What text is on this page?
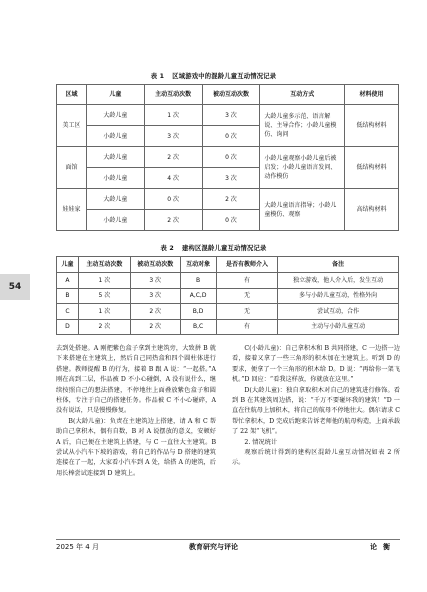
54
表 1 区域游戏中的混龄儿童互动情况记录
区域	儿童	主动互动次数	被动互动次数	互动方式	材料使用
美工区	大龄儿童	1 次	3 次	大龄儿童多示范、语言解说、主导合作；小龄儿童模仿、询问	低结构材料
	小龄儿童	3 次	0 次		
面馆	大龄儿童	2 次	0 次	小龄儿童观察小龄儿童后被启发；小龄儿童语言发问、动作模仿	低结构材料
	小龄儿童	4 次	3 次		
娃娃家	大龄儿童	0 次	2 次	大龄儿童语言指导；小龄儿童模仿、观察	高结构材料
	小龄儿童	2 次	0 次		
表 2 建构区混龄儿童互动情况记录
儿童	主动互动次数	被动互动次数	互动对象	是否有教师介入	备注
A	1 次	3 次	B	有	独立游戏，他人介入后，发生互动
B	5 次	3 次	A,C,D	无	多与小龄儿童互动，性格外向
C	1 次	2 次	B,D	无	尝试互动，合作
D	2 次	2 次	B,C	有	主动与小龄儿童互动

去到处搭建。A 刚把紫色盒子拿到主建筑旁，大致拼 B 就下来搭建在主建筑上，然后自己同热盒和四个圆柱体进行搭建。教师提醒 B 的行为，接着 B 跟 A 说：“一起搭。”A 刚在高到二层，作品被 D 不小心碰倒，A 没有说什么，继续按照自己的想法搭建，不停地往上面叠放紫色盒子和圆柱体，专注于自己的搭建任务。作品被 C 不小心碰碎，A 没有说话，只是慢慢修复。

B(大龄儿童)：负责在主建筑边上搭建，请 A 和 C 帮助自己拿积木，偶有自数，B 对 A 说摆放的意义，安顿好 A 后，自己便在主建筑上搭建，与 C 一直往大主建筑。B 尝试从小汽车下坡的游戏，将自己的作品与 D 搭建的建筑连接在了一起，大家看小汽车到 A 处，给搭 A 的建筑，后用长棒尝试连接到 D 建筑上。

C(小龄儿童)：自己拿积木和 B 共同搭建，C 一边搭一边看，接着又拿了一些三角形的积木加在主建筑上。听到 D 的要求，便拿了一个三角形的积木给 D。D 说：“再给你一架飞机。”D 回应：“看我这样放，你就放在这里。”

D(大龄儿童)：独自拿取积木对自己的建筑进行修饰。看到 B 在其建筑周边搭，说：“千万不要碰坏我的建筑！”D 一直在往航母上加积木，将自己的航母不停地往大。偶尔请求 C 帮忙拿积木，D 完成后跑来告诉老师他的航母构造，上面承载了 22 架“飞机”。

2. 情况统计

观察后统计得到的建构区混龄儿童互动情况如表 2 所示。

教育研究与评论
2025 年 4 月	论衡
